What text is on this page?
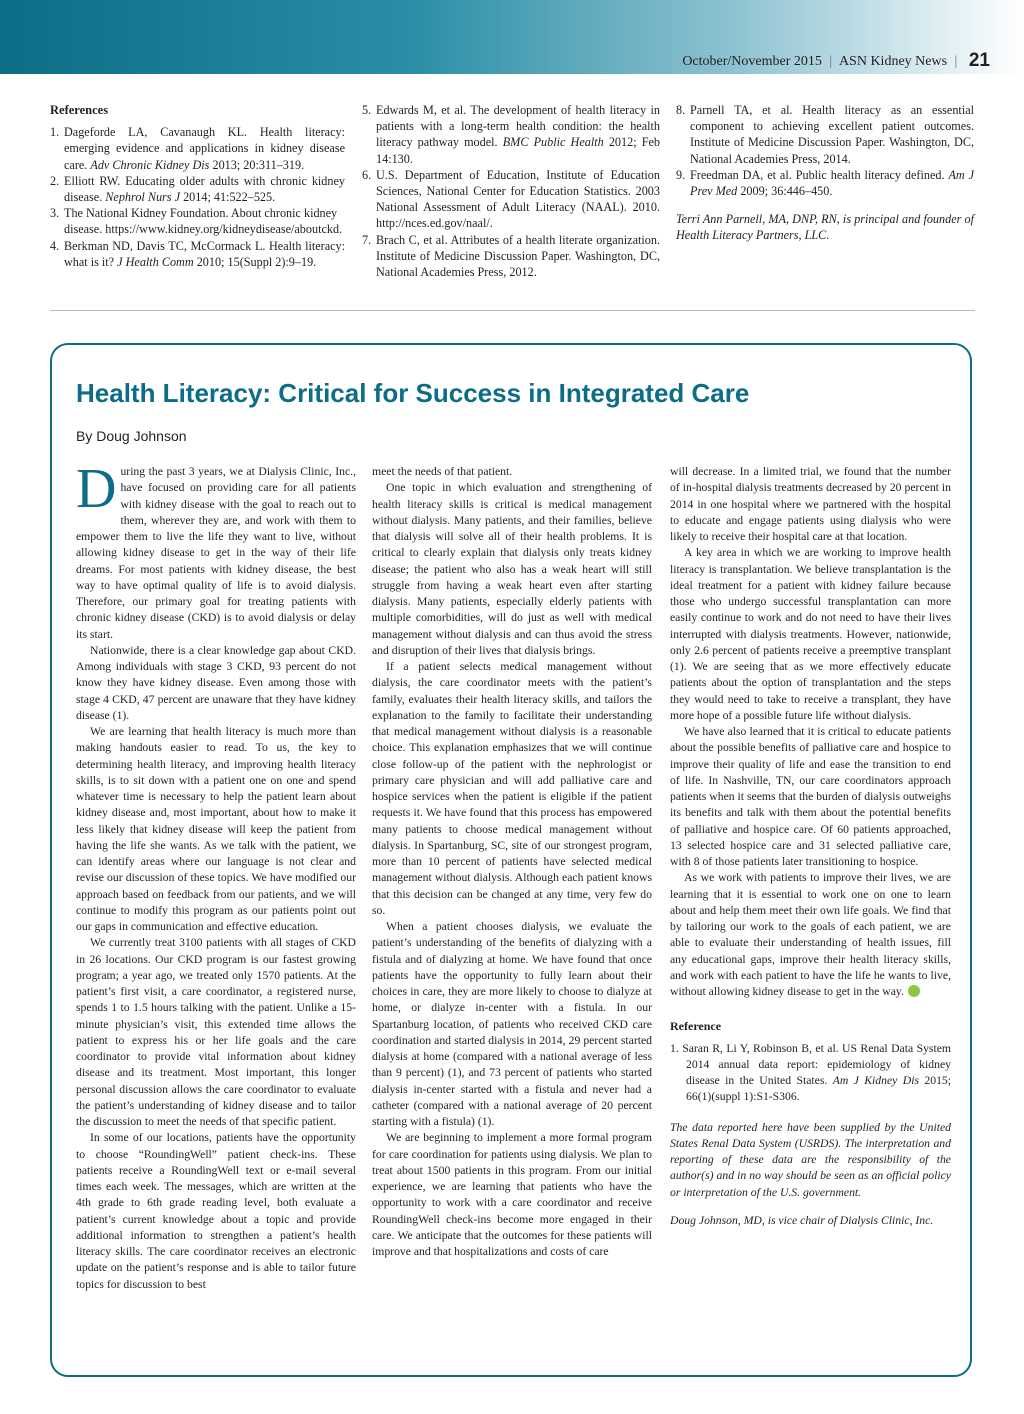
October/November 2015 | ASN Kidney News | 21
References
1. Dageforde LA, Cavanaugh KL. Health literacy: emerging evidence and applications in kidney disease care. Adv Chronic Kidney Dis 2013; 20:311–319.
2. Elliott RW. Educating older adults with chronic kidney disease. Nephrol Nurs J 2014; 41:522–525.
3. The National Kidney Foundation. About chronic kidney disease. https://www.kidney.org/kidneydisease/aboutckd.
4. Berkman ND, Davis TC, McCormack L. Health literacy: what is it? J Health Comm 2010; 15(Suppl 2):9–19.
5. Edwards M, et al. The development of health literacy in patients with a long-term health condition: the health literacy pathway model. BMC Public Health 2012; Feb 14:130.
6. U.S. Department of Education, Institute of Education Sciences, National Center for Education Statistics. 2003 National Assessment of Adult Literacy (NAAL). 2010. http://nces.ed.gov/naal/.
7. Brach C, et al. Attributes of a health literate organization. Institute of Medicine Discussion Paper. Washington, DC, National Academies Press, 2012.
8. Parnell TA, et al. Health literacy as an essential component to achieving excellent patient outcomes. Institute of Medicine Discussion Paper. Washington, DC, National Academies Press, 2014.
9. Freedman DA, et al. Public health literacy defined. Am J Prev Med 2009; 36:446–450.
Terri Ann Parnell, MA, DNP, RN, is principal and founder of Health Literacy Partners, LLC.
Health Literacy: Critical for Success in Integrated Care
By Doug Johnson

During the past 3 years, we at Dialysis Clinic, Inc., have focused on providing care for all patients with kidney disease with the goal to reach out to them, wherever they are, and work with them to empower them to live the life they want to live, without allowing kidney disease to get in the way of their life dreams. For most patients with kidney disease, the best way to have optimal quality of life is to avoid dialysis. Therefore, our primary goal for treating patients with chronic kidney disease (CKD) is to avoid dialysis or delay its start.

Nationwide, there is a clear knowledge gap about CKD. Among individuals with stage 3 CKD, 93 percent do not know they have kidney disease. Even among those with stage 4 CKD, 47 percent are unaware that they have kidney disease (1).

We are learning that health literacy is much more than making handouts easier to read. To us, the key to determining health literacy, and improving health literacy skills, is to sit down with a patient one on one and spend whatever time is necessary to help the patient learn about kidney disease and, most important, about how to make it less likely that kidney disease will keep the patient from having the life she wants. As we talk with the patient, we can identify areas where our language is not clear and revise our discussion of these topics. We have modified our approach based on feedback from our patients, and we will continue to modify this program as our patients point out our gaps in communication and effective education.

We currently treat 3100 patients with all stages of CKD in 26 locations. Our CKD program is our fastest growing program; a year ago, we treated only 1570 patients. At the patient’s first visit, a care coordinator, a registered nurse, spends 1 to 1.5 hours talking with the patient. Unlike a 15-minute physician’s visit, this extended time allows the patient to express his or her life goals and the care coordinator to provide vital information about kidney disease and its treatment. Most important, this longer personal discussion allows the care coordinator to evaluate the patient’s understanding of kidney disease and to tailor the discussion to meet the needs of that specific patient.

In some of our locations, patients have the opportunity to choose “RoundingWell” patient check-ins. These patients receive a RoundingWell text or e-mail several times each week. The messages, which are written at the 4th grade to 6th grade reading level, both evaluate a patient’s current knowledge about a topic and provide additional information to strengthen a patient’s health literacy skills. The care coordinator receives an electronic update on the patient’s response and is able to tailor future topics for discussion to best

meet the needs of that patient.

One topic in which evaluation and strengthening of health literacy skills is critical is medical management without dialysis. Many patients, and their families, believe that dialysis will solve all of their health problems. It is critical to clearly explain that dialysis only treats kidney disease; the patient who also has a weak heart will still struggle from having a weak heart even after starting dialysis. Many patients, especially elderly patients with multiple comorbidities, will do just as well with medical management without dialysis and can thus avoid the stress and disruption of their lives that dialysis brings.

If a patient selects medical management without dialysis, the care coordinator meets with the patient’s family, evaluates their health literacy skills, and tailors the explanation to the family to facilitate their understanding that medical management without dialysis is a reasonable choice. This explanation emphasizes that we will continue close follow-up of the patient with the nephrologist or primary care physician and will add palliative care and hospice services when the patient is eligible if the patient requests it. We have found that this process has empowered many patients to choose medical management without dialysis. In Spartanburg, SC, site of our strongest program, more than 10 percent of patients have selected medical management without dialysis. Although each patient knows that this decision can be changed at any time, very few do so.

When a patient chooses dialysis, we evaluate the patient’s understanding of the benefits of dialyzing with a fistula and of dialyzing at home. We have found that once patients have the opportunity to fully learn about their choices in care, they are more likely to choose to dialyze at home, or dialyze in-center with a fistula. In our Spartanburg location, of patients who received CKD care coordination and started dialysis in 2014, 29 percent started dialysis at home (compared with a national average of less than 9 percent) (1), and 73 percent of patients who started dialysis in-center started with a fistula and never had a catheter (compared with a national average of 20 percent starting with a fistula) (1).

We are beginning to implement a more formal program for care coordination for patients using dialysis. We plan to treat about 1500 patients in this program. From our initial experience, we are learning that patients who have the opportunity to work with a care coordinator and receive RoundingWell check-ins become more engaged in their care. We anticipate that the outcomes for these patients will improve and that hospitalizations and costs of care

will decrease. In a limited trial, we found that the number of in-hospital dialysis treatments decreased by 20 percent in 2014 in one hospital where we partnered with the hospital to educate and engage patients using dialysis who were likely to receive their hospital care at that location.

A key area in which we are working to improve health literacy is transplantation. We believe transplantation is the ideal treatment for a patient with kidney failure because those who undergo successful transplantation can more easily continue to work and do not need to have their lives interrupted with dialysis treatments. However, nationwide, only 2.6 percent of patients receive a preemptive transplant (1). We are seeing that as we more effectively educate patients about the option of transplantation and the steps they would need to take to receive a transplant, they have more hope of a possible future life without dialysis.

We have also learned that it is critical to educate patients about the possible benefits of palliative care and hospice to improve their quality of life and ease the transition to end of life. In Nashville, TN, our care coordinators approach patients when it seems that the burden of dialysis outweighs its benefits and talk with them about the potential benefits of palliative and hospice care. Of 60 patients approached, 13 selected hospice care and 31 selected palliative care, with 8 of those patients later transitioning to hospice.

As we work with patients to improve their lives, we are learning that it is essential to work one on one to learn about and help them meet their own life goals. We find that by tailoring our work to the goals of each patient, we are able to evaluate their understanding of health issues, fill any educational gaps, improve their health literacy skills, and work with each patient to have the life he wants to live, without allowing kidney disease to get in the way.

Reference

1. Saran R, Li Y, Robinson B, et al. US Renal Data System 2014 annual data report: epidemiology of kidney disease in the United States. Am J Kidney Dis 2015; 66(1)(suppl 1):S1-S306.

The data reported here have been supplied by the United States Renal Data System (USRDS). The interpretation and reporting of these data are the responsibility of the author(s) and in no way should be seen as an official policy or interpretation of the U.S. government.
Doug Johnson, MD, is vice chair of Dialysis Clinic, Inc.
